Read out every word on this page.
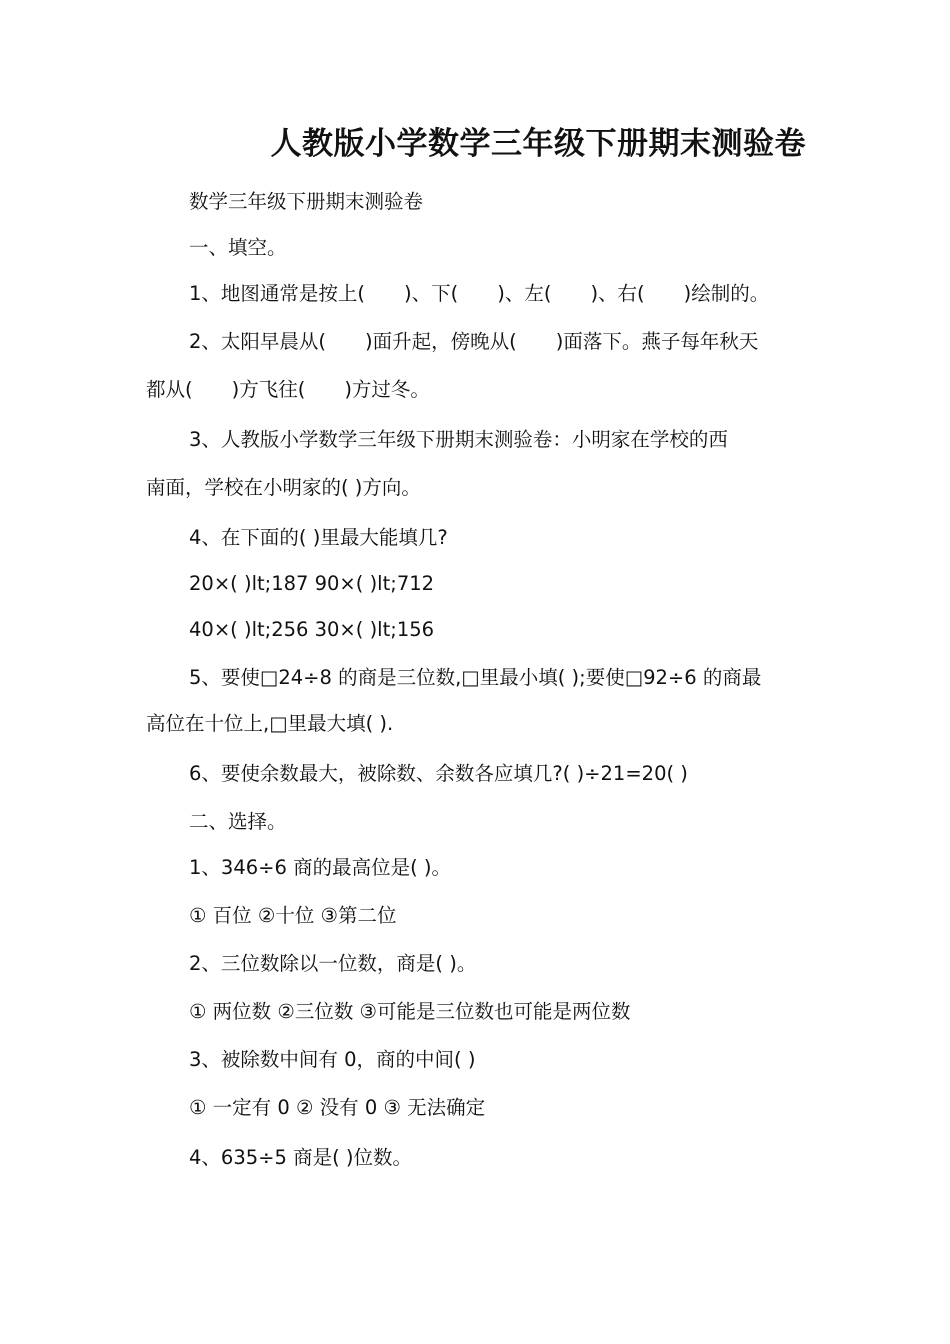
人教版小学数学三年级下册期末测验卷
数学三年级下册期末测验卷
一、填空。
1、地图通常是按上(　　)、下(　　)、左(　　)、右(　　)绘制的。
2、太阳早晨从(　　)面升起，傍晚从(　　)面落下。燕子每年秋天
都从(　　)方飞往(　　)方过冬。
3、人教版小学数学三年级下册期末测验卷：小明家在学校的西
南面，学校在小明家的( )方向。
4、在下面的( )里最大能填几?
20×( )lt;187 90×( )lt;712
40×( )lt;256 30×( )lt;156
5、要使□24÷8 的商是三位数,□里最小填( );要使□92÷6 的商最
高位在十位上,□里最大填( ).
6、要使余数最大，被除数、余数各应填几?( )÷21=20( )
二、选择。
1、346÷6 商的最高位是( )。
① 百位 ②十位 ③第二位
2、三位数除以一位数，商是( )。
① 两位数 ②三位数 ③可能是三位数也可能是两位数
3、被除数中间有 0，商的中间( )
① 一定有 0 ② 没有 0 ③ 无法确定
4、635÷5 商是( )位数。
